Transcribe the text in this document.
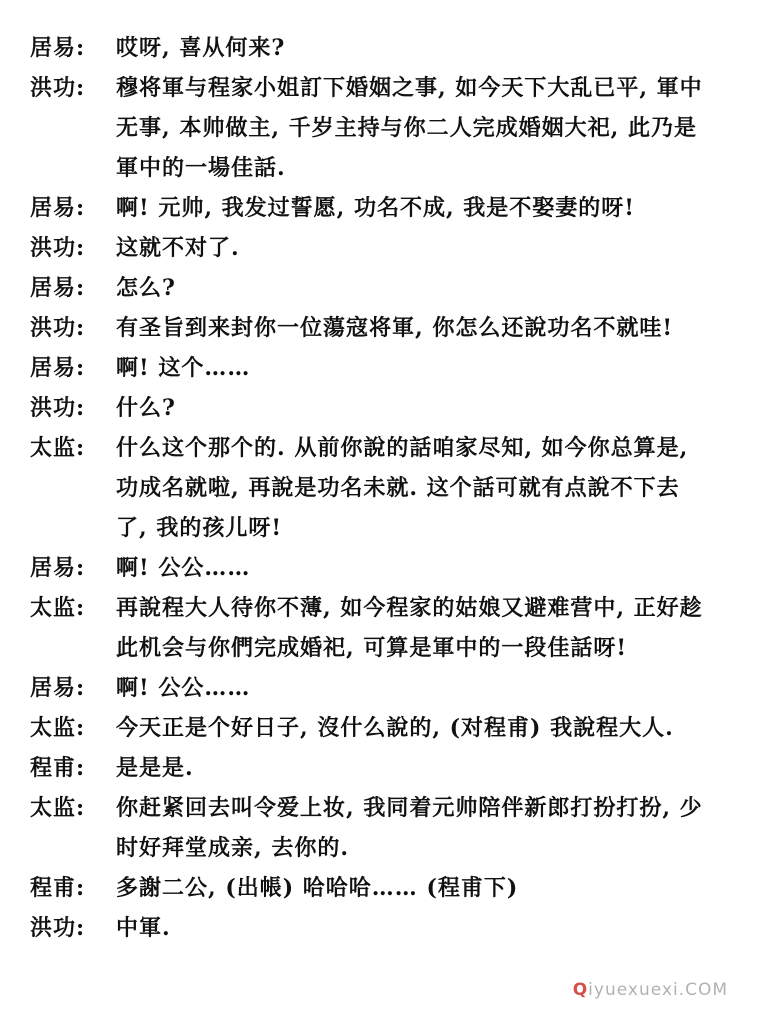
居易:	哎呀, 喜从何来?
洪功:	穆将軍与程家小姐訂下婚姻之事, 如今天下大乱已平, 軍中
无事, 本帅做主, 千岁主持与你二人完成婚姻大祀, 此乃是
軍中的一場佳話.
居易:	啊! 元帅, 我发过誓愿, 功名不成, 我是不娶妻的呀!
洪功:	这就不对了.
居易:	怎么?
洪功:	有圣旨到来封你一位蕩寇将軍, 你怎么还說功名不就哇!
居易:	啊! 这个……
洪功:	什么?
太监:	什么这个那个的. 从前你說的話咱家尽知, 如今你总算是,
功成名就啦, 再說是功名未就. 这个話可就有点說不下去
了, 我的孩儿呀!
居易:	啊! 公公……
太监:	再說程大人待你不薄, 如今程家的姑娘又避难营中, 正好趁
此机会与你們完成婚祀, 可算是軍中的一段佳話呀!
居易:	啊! 公公……
太监:	今天正是个好日子, 沒什么說的, (对程甫) 我說程大人.
程甫:	是是是.
太监:	你赶紧回去叫令爱上妆, 我同着元帅陪伴新郎打扮打扮, 少
时好拜堂成亲, 去你的.
程甫:	多謝二公, (出帳) 哈哈哈…… (程甫下)
洪功:	中軍.
Qiyuexuexi.COM
